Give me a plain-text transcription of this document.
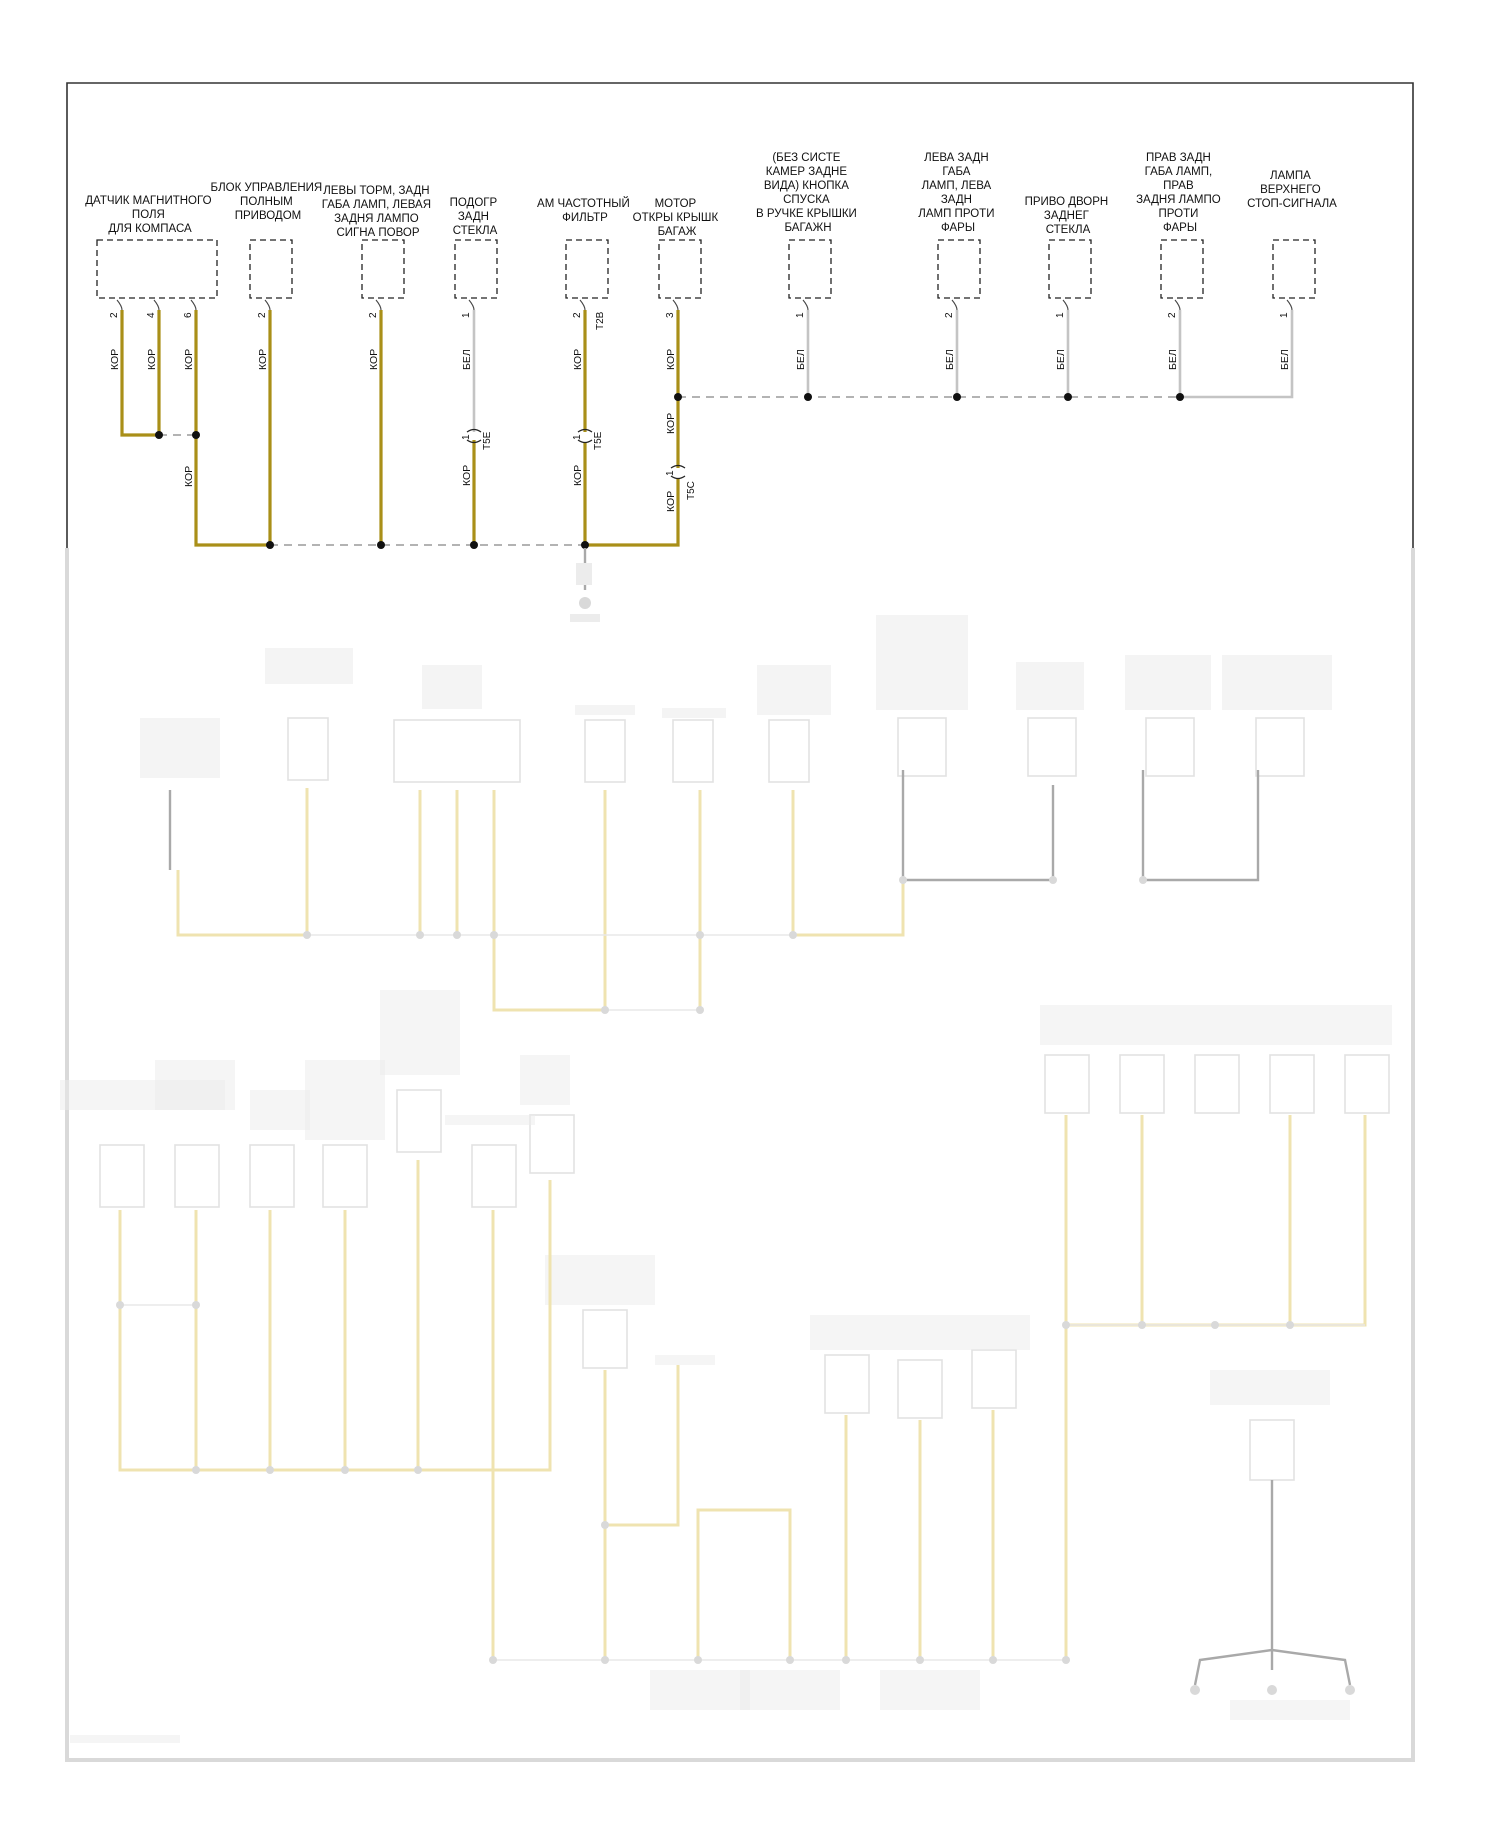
ДАТЧИК МАГНИТНОГО ПОЛЯ ДЛЯ КОМПАСА
БЛОК УПРАВЛЕНИЯ ПОЛНЫМ ПРИВОДОМ
ЛЕВЫ ТОРМ, ЗАДН ГАБА ЛАМП, ЛЕВАЯ ЗАДНЯ ЛАМПО СИГНА ПОВОР
ПОДОГР ЗАДН СТЕКЛА
АМ ЧАСТОТНЫЙ ФИЛЬТР
МОТОР ОТКРЫ КРЫШК БАГАЖ
(БЕЗ СИСТЕ КАМЕР ЗАДНЕ ВИДА) КНОПКА СПУСКА В РУЧКЕ КРЫШКИ БАГАЖН
ЛЕВА ЗАДН ГАБА ЛАМП, ЛЕВА ЗАДН ЛАМП ПРОТИ ФАРЫ
ПРИВО ДВОРН ЗАДНЕГ СТЕКЛА
ПРАВ ЗАДН ГАБА ЛАМП, ПРАВ ЗАДНЯ ЛАМПО ПРОТИ ФАРЫ
ЛАМПА ВЕРХНЕГО СТОП-СИГНАЛА
2	4	6	2	2	1	2	3	1	2	1	2	1
T2B
1 T5E	1 T5E
1
T5C
КОР КОР КОР
КОР
КОР	КОР	БЕЛ
КОР
КОР
КОР
КОР
КОР
КОР
БЕЛ	БЕЛ	БЕЛ	БЕЛ	БЕЛ
